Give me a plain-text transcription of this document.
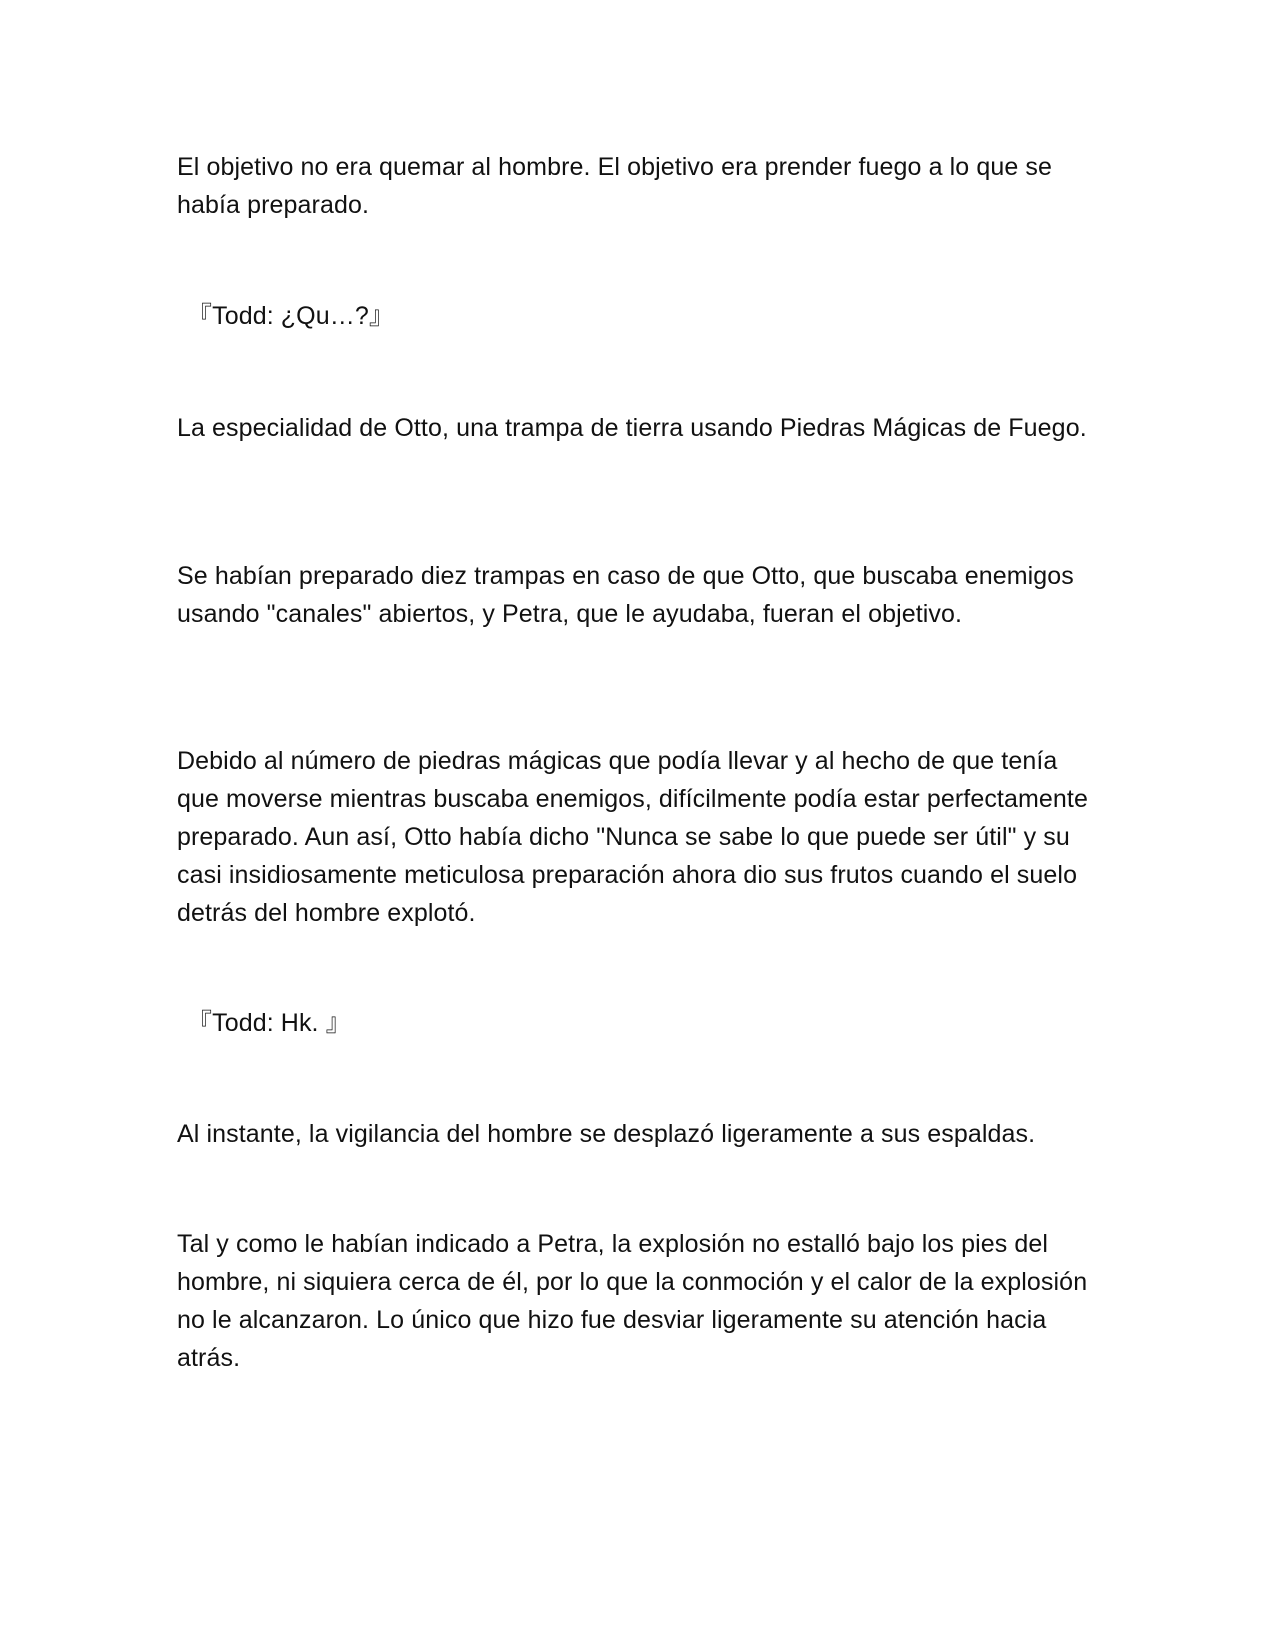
El objetivo no era quemar al hombre. El objetivo era prender fuego a lo que se había preparado.

『Todd: ¿Qu…?』

La especialidad de Otto, una trampa de tierra usando Piedras Mágicas de Fuego.

Se habían preparado diez trampas en caso de que Otto, que buscaba enemigos usando "canales" abiertos, y Petra, que le ayudaba, fueran el objetivo.

Debido al número de piedras mágicas que podía llevar y al hecho de que tenía que moverse mientras buscaba enemigos, difícilmente podía estar perfectamente preparado. Aun así, Otto había dicho "Nunca se sabe lo que puede ser útil" y su casi insidiosamente meticulosa preparación ahora dio sus frutos cuando el suelo detrás del hombre explotó.

『Todd: Hk. 』

Al instante, la vigilancia del hombre se desplazó ligeramente a sus espaldas.

Tal y como le habían indicado a Petra, la explosión no estalló bajo los pies del hombre, ni siquiera cerca de él, por lo que la conmoción y el calor de la explosión no le alcanzaron. Lo único que hizo fue desviar ligeramente su atención hacia atrás.
